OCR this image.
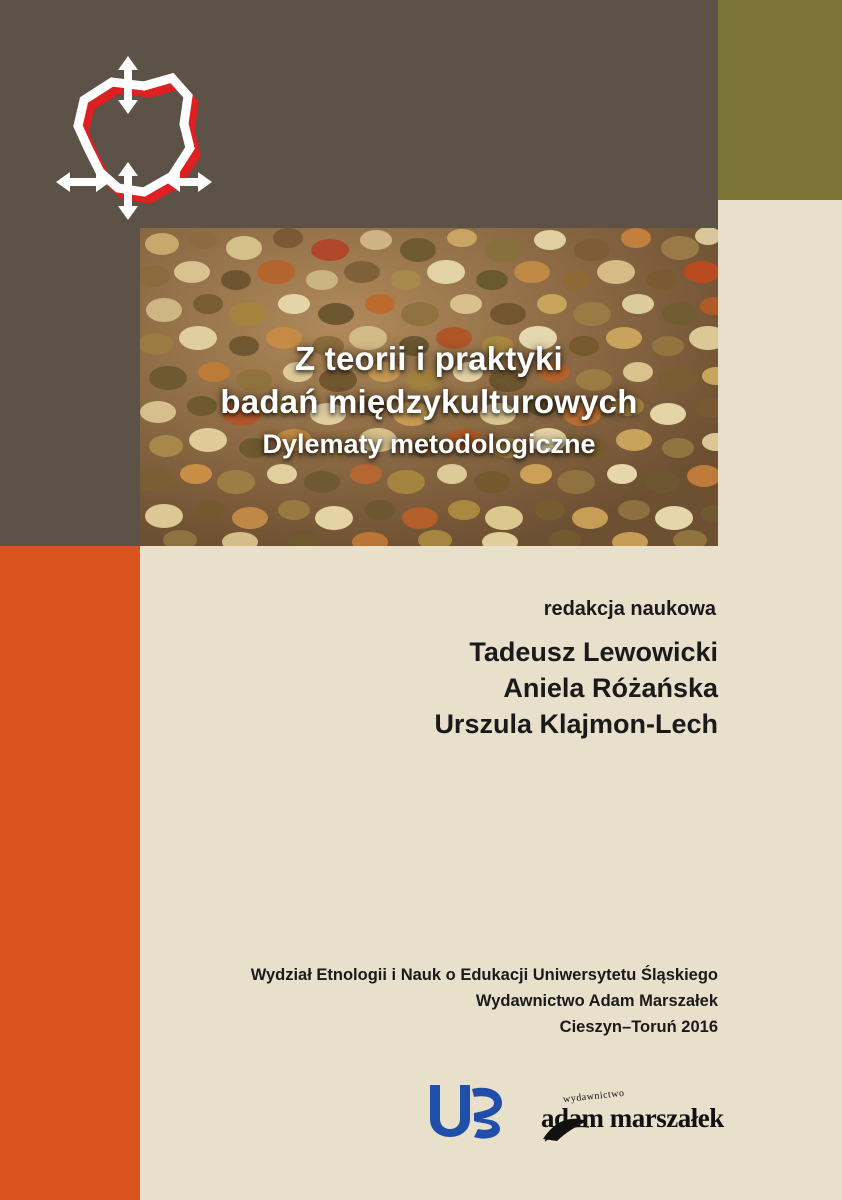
Z teorii i praktyki
badań międzykulturowych
Dylematy metodologiczne
redakcja naukowa
Tadeusz Lewowicki
Aniela Różańska
Urszula Klajmon-Lech
Wydział Etnologii i Nauk o Edukacji Uniwersytetu Śląskiego
Wydawnictwo Adam Marszałek
Cieszyn–Toruń 2016
wydawnictwo
adam marszałek
